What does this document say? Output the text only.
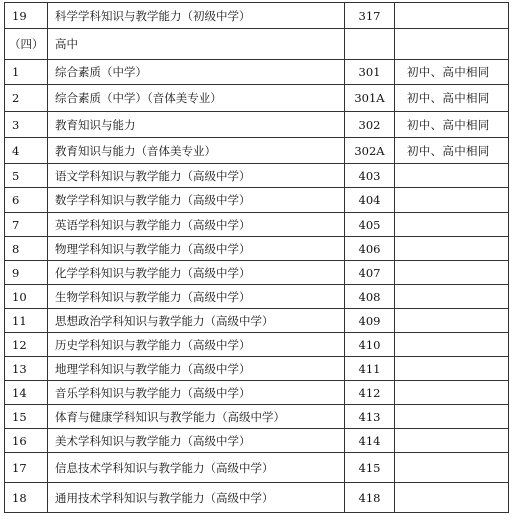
19	科学学科知识与教学能力（初级中学）	317	
（四）	高中		
1	综合素质（中学）	301	初中、高中相同
2	综合素质（中学）（音体美专业）	301A	初中、高中相同
3	教育知识与能力	302	初中、高中相同
4	教育知识与能力（音体美专业）	302A	初中、高中相同
5	语文学科知识与教学能力（高级中学）	403	
6	数学学科知识与教学能力（高级中学）	404	
7	英语学科知识与教学能力（高级中学）	405	
8	物理学科知识与教学能力（高级中学）	406	
9	化学学科知识与教学能力（高级中学）	407	
10	生物学科知识与教学能力（高级中学）	408	
11	思想政治学科知识与教学能力（高级中学）	409	
12	历史学科知识与教学能力（高级中学）	410	
13	地理学科知识与教学能力（高级中学）	411	
14	音乐学科知识与教学能力（高级中学）	412	
15	体育与健康学科知识与教学能力（高级中学）	413	
16	美术学科知识与教学能力（高级中学）	414	
17	信息技术学科知识与教学能力（高级中学）	415	
18	通用技术学科知识与教学能力（高级中学）	418	
